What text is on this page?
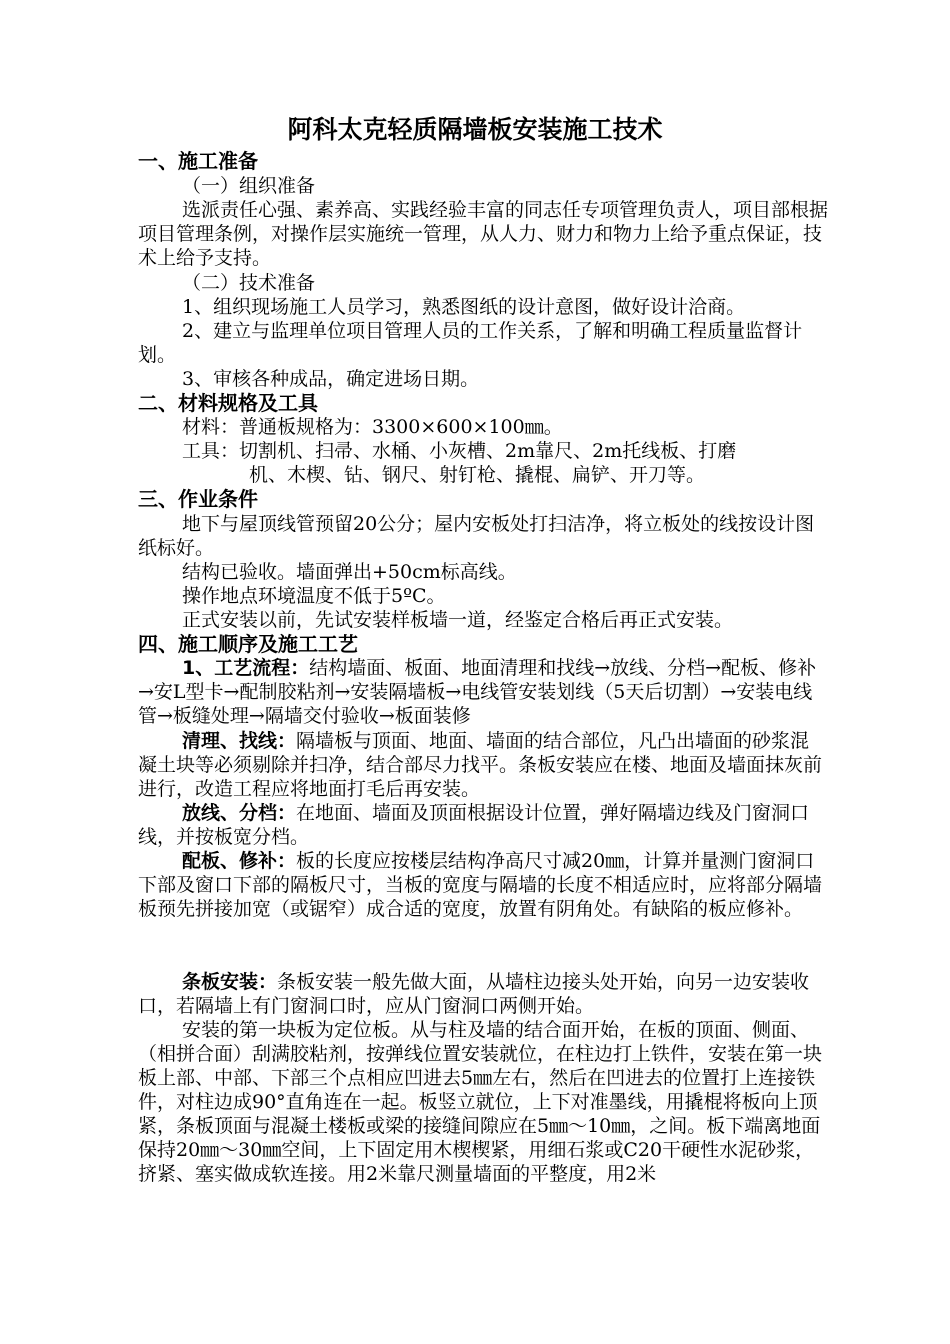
阿科太克轻质隔墙板安装施工技术
一、施工准备
（一）组织准备
选派责任心强、素养高、实践经验丰富的同志任专项管理负责人，项目部根据项目管理条例，对操作层实施统一管理，从人力、财力和物力上给予重点保证，技术上给予支持。
（二）技术准备
1、组织现场施工人员学习，熟悉图纸的设计意图，做好设计洽商。
2、建立与监理单位项目管理人员的工作关系，了解和明确工程质量监督计划。
3、审核各种成品，确定进场日期。
二、材料规格及工具
材料：普通板规格为：3300×600×100㎜。
工具：切割机、扫帚、水桶、小灰槽、2m靠尺、2m托线板、打磨
机、木楔、钻、钢尺、射钉枪、撬棍、扁铲、开刀等。
三、作业条件
地下与屋顶线管预留20公分；屋内安板处打扫洁净，将立板处的线按设计图纸标好。
结构已验收。墙面弹出+50cm标高线。
操作地点环境温度不低于5ºC。
正式安装以前，先试安装样板墙一道，经鉴定合格后再正式安装。
四、施工顺序及施工工艺
1、工艺流程：结构墙面、板面、地面清理和找线→放线、分档→配板、修补→安L型卡→配制胶粘剂→安装隔墙板→电线管安装划线（5天后切割）→安装电线管→板缝处理→隔墙交付验收→板面装修
清理、找线：隔墙板与顶面、地面、墙面的结合部位，凡凸出墙面的砂浆混凝土块等必须剔除并扫净，结合部尽力找平。条板安装应在楼、地面及墙面抹灰前进行，改造工程应将地面打毛后再安装。
放线、分档：在地面、墙面及顶面根据设计位置，弹好隔墙边线及门窗洞口线，并按板宽分档。
配板、修补：板的长度应按楼层结构净高尺寸减20㎜，计算并量测门窗洞口下部及窗口下部的隔板尺寸，当板的宽度与隔墙的长度不相适应时，应将部分隔墙板预先拼接加宽（或锯窄）成合适的宽度，放置有阴角处。有缺陷的板应修补。
条板安装：条板安装一般先做大面，从墙柱边接头处开始，向另一边安装收口，若隔墙上有门窗洞口时，应从门窗洞口两侧开始。
安装的第一块板为定位板。从与柱及墙的结合面开始，在板的顶面、侧面、（相拼合面）刮满胶粘剂，按弹线位置安装就位，在柱边打上铁件，安装在第一块板上部、中部、下部三个点相应凹进去5㎜左右，然后在凹进去的位置打上连接铁件，对柱边成90°直角连在一起。板竖立就位，上下对准墨线，用撬棍将板向上顶紧，条板顶面与混凝土楼板或梁的接缝间隙应在5㎜～10㎜，之间。板下端离地面保持20㎜～30㎜空间，上下固定用木楔楔紧，用细石浆或C20干硬性水泥砂浆，挤紧、塞实做成软连接。用2米靠尺测量墙面的平整度，用2米
